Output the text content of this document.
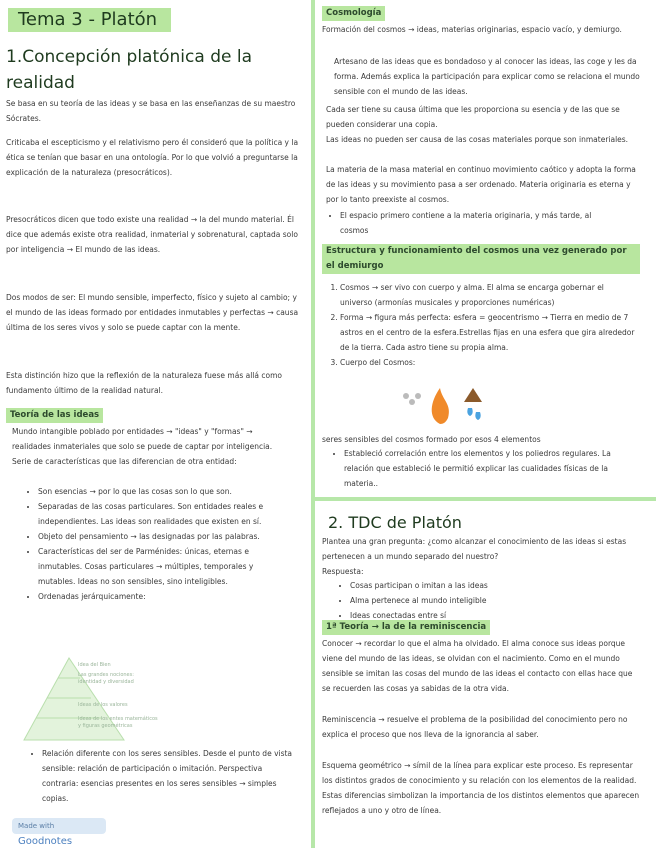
Tema 3 - Platón
1.Concepción platónica de la realidad
Se basa en su teoría de las ideas y se basa en las enseñanzas de su maestro Sócrates.
Criticaba el escepticismo y el relativismo pero él consideró que la política y la ética se tenían que basar en una ontología. Por lo que volvió a preguntarse la explicación de la naturaleza (presocráticos).
Presocráticos dicen que todo existe una realidad → la del mundo material. Él dice que además existe otra realidad, inmaterial y sobrenatural, captada solo por inteligencia → El mundo de las ideas.
Dos modos de ser: El mundo sensible, imperfecto, físico y sujeto al cambio; y el mundo de las ideas formado por entidades inmutables y perfectas → causa última de los seres vivos y solo se puede captar con la mente.
Esta distinción hizo que la reflexión de la naturaleza fuese más allá como fundamento último de la realidad natural.
Teoría de las ideas
Mundo intangible poblado por entidades → "ideas" y "formas" → realidades inmateriales que solo se puede de captar por inteligencia. Serie de características que las diferencian de otra entidad:
• Son esencias → por lo que las cosas son lo que son.
• Separadas de las cosas particulares. Son entidades reales e independientes. Las ideas son realidades que existen en sí.
• Objeto del pensamiento → las designadas por las palabras.
• Características del ser de Parménides: únicas, eternas e inmutables. Cosas particulares → múltiples, temporales y mutables. Ideas no son sensibles, sino inteligibles.
• Ordenadas jerárquicamente:
Idea del Bien
Las grandes nociones: identidad y diversidad
Ideas de los valores
Ideas de los entes matemáticos y figuras geométricas
• Relación diferente con los seres sensibles. Desde el punto de vista sensible: relación de participación o imitación. Perspectiva contraria: esencias presentes en los seres sensibles → simples copias.
Made with Goodnotes
Cosmología
Formación del cosmos → ideas, materias originarias, espacio vacío, y demiurgo.
Artesano de las ideas que es bondadoso y al conocer las ideas, las coge y les da forma. Además explica la participación para explicar como se relaciona el mundo sensible con el mundo de las ideas.
Cada ser tiene su causa última que les proporciona su esencia y de las que se pueden considerar una copia.
Las ideas no pueden ser causa de las cosas materiales porque son inmateriales.
La materia de la masa material en continuo movimiento caótico y adopta la forma de las ideas y su movimiento pasa a ser ordenado. Materia originaria es eterna y por lo tanto preexiste al cosmos.
• El espacio primero contiene a la materia originaria, y más tarde, al cosmos
Estructura y funcionamiento del cosmos una vez generado por el demiurgo
1. Cosmos → ser vivo con cuerpo y alma. El alma se encarga gobernar el universo (armonías musicales y proporciones numéricas)
2. Forma → figura más perfecta: esfera = geocentrismo → Tierra en medio de 7 astros en el centro de la esfera.Estrellas fijas en una esfera que gira alrededor de la tierra. Cada astro tiene su propia alma.
3. Cuerpo del Cosmos:
seres sensibles del cosmos formado por esos 4 elementos
• Estableció correlación entre los elementos y los poliedros regulares. La relación que estableció le permitió explicar las cualidades físicas de la materia..
2. TDC de Platón
Plantea una gran pregunta: ¿como alcanzar el conocimiento de las ideas si estas pertenecen a un mundo separado del nuestro?
Respuesta:
• Cosas participan o imitan a las ideas
• Alma pertenece al mundo inteligible
• Ideas conectadas entre sí
1ª Teoría → la de la reminiscencia
Conocer → recordar lo que el alma ha olvidado. El alma conoce sus ideas porque viene del mundo de las ideas, se olvidan con el nacimiento. Como en el mundo sensible se imitan las cosas del mundo de las ideas el contacto con ellas hace que se recuerden las cosas ya sabidas de la otra vida.
Reminiscencia → resuelve el problema de la posibilidad del conocimiento pero no explica el proceso que nos lleva de la ignorancia al saber.
Esquema geométrico → símil de la línea para explicar este proceso. Es representar los distintos grados de conocimiento y su relación con los elementos de la realidad. Estas diferencias simbolizan la importancia de los distintos elementos que aparecen reflejados a uno y otro de línea.
